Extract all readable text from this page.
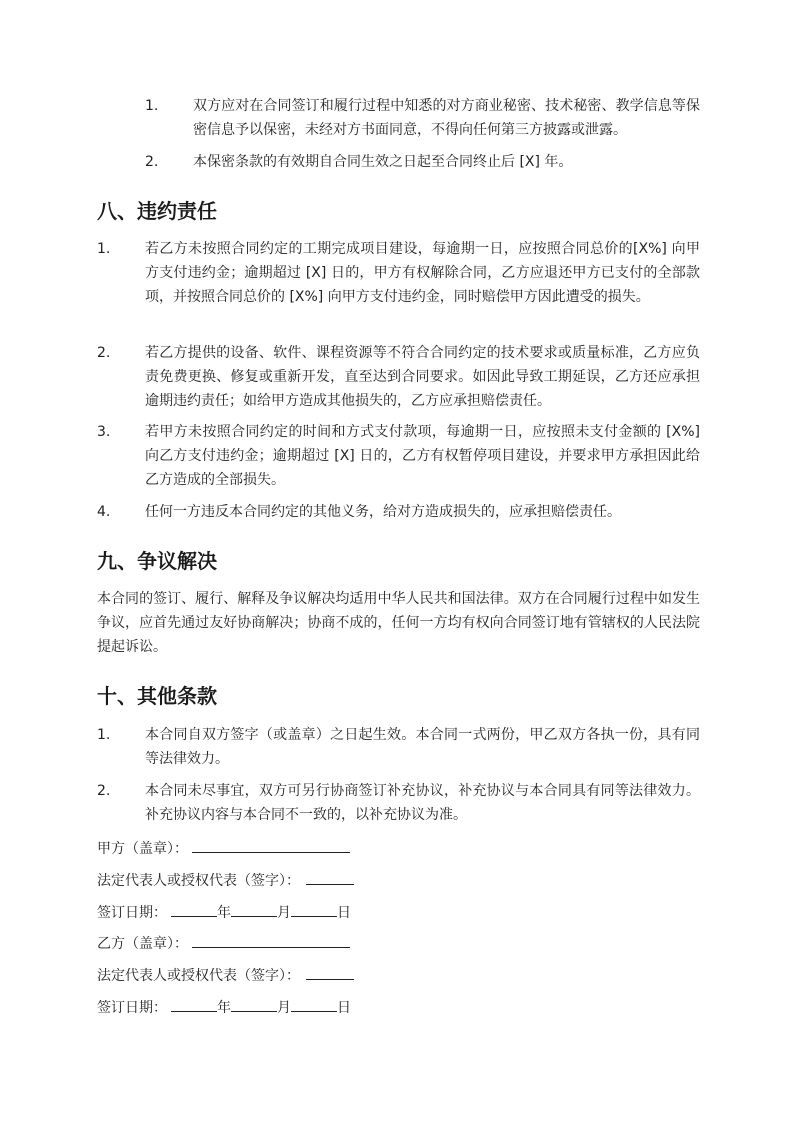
1. 双方应对在合同签订和履行过程中知悉的对方商业秘密、技术秘密、教学信息等保密信息予以保密，未经对方书面同意，不得向任何第三方披露或泄露。
2. 本保密条款的有效期自合同生效之日起至合同终止后 [X] 年。
八、违约责任
1. 若乙方未按照合同约定的工期完成项目建设，每逾期一日，应按照合同总价的[X%] 向甲方支付违约金；逾期超过 [X] 日的，甲方有权解除合同，乙方应退还甲方已支付的全部款项，并按照合同总价的 [X%] 向甲方支付违约金，同时赔偿甲方因此遭受的损失。
2. 若乙方提供的设备、软件、课程资源等不符合合同约定的技术要求或质量标准，乙方应负责免费更换、修复或重新开发，直至达到合同要求。如因此导致工期延误，乙方还应承担逾期违约责任；如给甲方造成其他损失的，乙方应承担赔偿责任。
3. 若甲方未按照合同约定的时间和方式支付款项，每逾期一日，应按照未支付金额的 [X%] 向乙方支付违约金；逾期超过 [X] 日的，乙方有权暂停项目建设，并要求甲方承担因此给乙方造成的全部损失。
4. 任何一方违反本合同约定的其他义务，给对方造成损失的，应承担赔偿责任。
九、争议解决

本合同的签订、履行、解释及争议解决均适用中华人民共和国法律。双方在合同履行过程中如发生争议，应首先通过友好协商解决；协商不成的，任何一方均有权向合同签订地有管辖权的人民法院提起诉讼。

十、其他条款
1. 本合同自双方签字（或盖章）之日起生效。本合同一式两份，甲乙双方各执一份，具有同等法律效力。
2. 本合同未尽事宜，双方可另行协商签订补充协议，补充协议与本合同具有同等法律效力。补充协议内容与本合同不一致的，以补充协议为准。
甲方（盖章）：
法定代表人或授权代表（签字）：
签订日期：	年	月	日
乙方（盖章）：
法定代表人或授权代表（签字）：
签订日期：	年	月	日
